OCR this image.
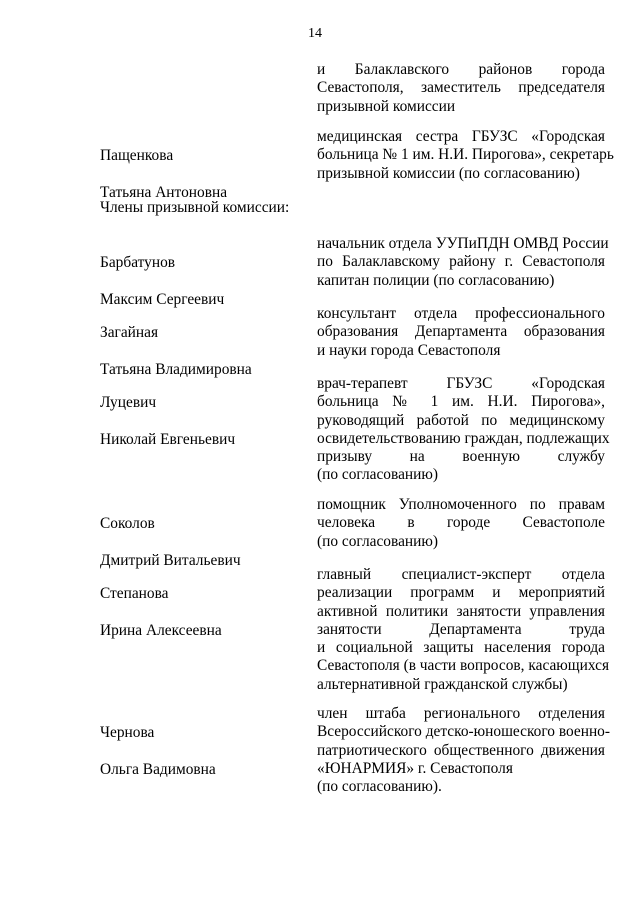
14
и Балаклавского районов города
Севастополя, заместитель председателя
призывной комиссии

Пащенкова

Татьяна Антоновна

медицинская сестра ГБУЗС «Городская
больница № 1 им. Н.И. Пирогова», секретарь
призывной комиссии (по согласованию)
Члены призывной комиссии:

Барбатунов

Максим Сергеевич

начальник отдела УУПиПДН ОМВД России
по Балаклавскому району г. Севастополя
капитан полиции (по согласованию)

Загайная

Татьяна Владимировна

консультант отдела профессионального
образования Департамента образования
и науки города Севастополя

Луцевич

Николай Евгеньевич

врач-терапевт ГБУЗС «Городская
больница № 1 им. Н.И. Пирогова»,
руководящий работой по медицинскому
освидетельствованию граждан, подлежащих
призыву на военную службу
(по согласованию)

Соколов

Дмитрий Витальевич

помощник Уполномоченного по правам
человека в городе Севастополе
(по согласованию)

Степанова

Ирина Алексеевна

главный специалист-эксперт отдела
реализации программ и мероприятий
активной политики занятости управления
занятости Департамента труда
и социальной защиты населения города
Севастополя (в части вопросов, касающихся
альтернативной гражданской службы)

Чернова

Ольга Вадимовна

член штаба регионального отделения
Всероссийского детско-юношеского военно-
патриотического общественного движения
«ЮНАРМИЯ» г. Севастополя
(по согласованию).
